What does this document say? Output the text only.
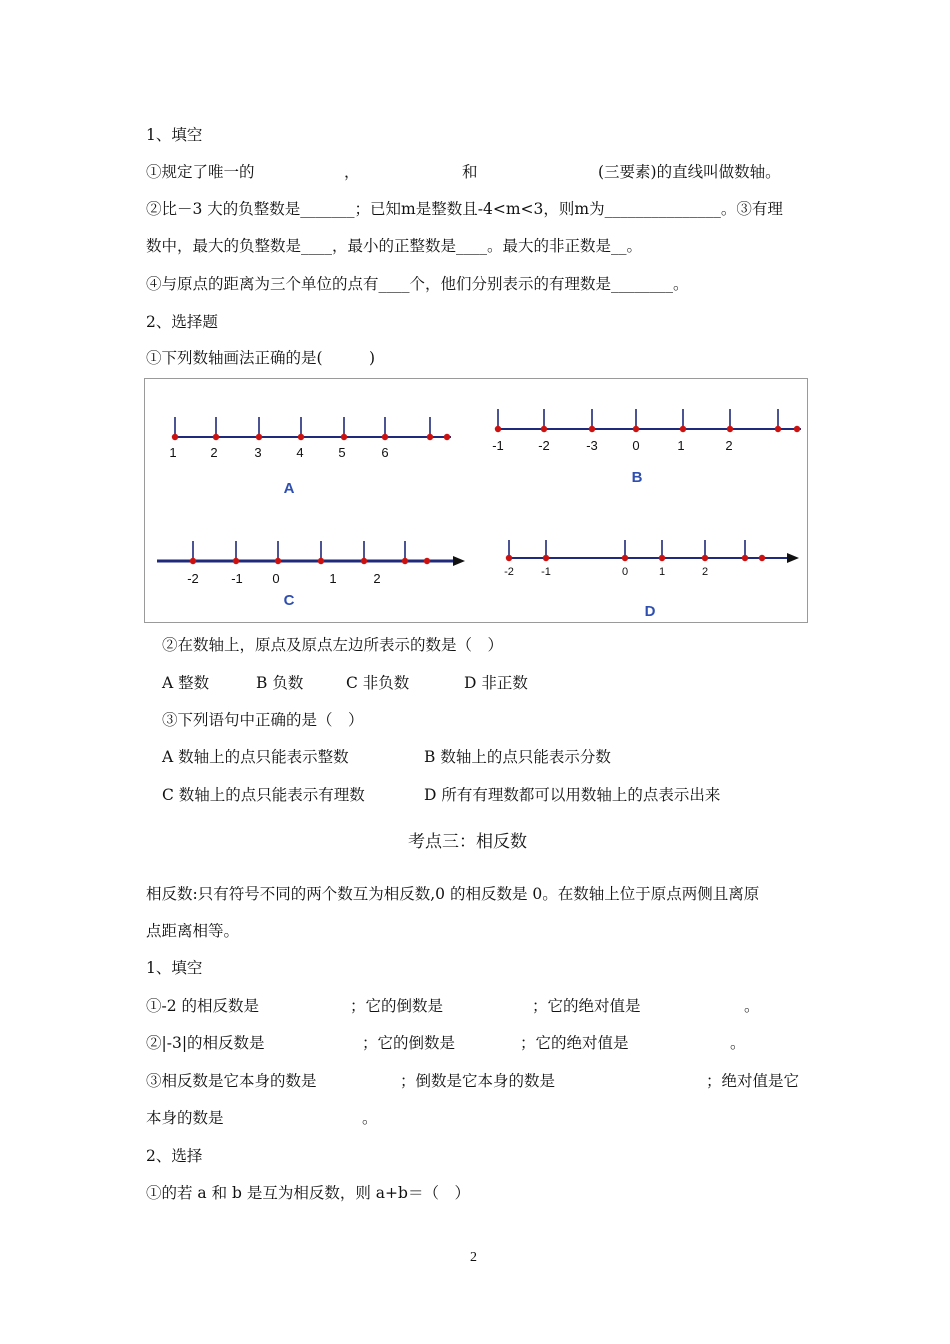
1、填空
①规定了唯一的	，	和	(三要素)的直线叫做数轴。
②比－3 大的负整数是_______；已知m是整数且-4<m<3，则m为_______________。③有理
数中，最大的负整数是____，最小的正整数是____。最大的非正数是__。
④与原点的距离为三个单位的点有____个，他们分别表示的有理数是________。
2、选择题
①下列数轴画法正确的是(　　　)
1	2	3	4	5	6
A
-1	-2	-3	0	1	2
B
-2 -1 0	1	2
C
-2 -1	0	1	2
D
②在数轴上，原点及原点左边所表示的数是（　）
A 整数	B 负数	C 非负数	D 非正数
③下列语句中正确的是（　）
A 数轴上的点只能表示整数	B 数轴上的点只能表示分数
C 数轴上的点只能表示有理数	D 所有有理数都可以用数轴上的点表示出来
考点三：相反数
相反数:只有符号不同的两个数互为相反数,0 的相反数是 0。在数轴上位于原点两侧且离原
点距离相等。
1、填空
①-2 的相反数是	；它的倒数是	；它的绝对值是	。
②|-3|的相反数是	；它的倒数是	；它的绝对值是	。
③相反数是它本身的数是	；倒数是它本身的数是	；绝对值是它
本身的数是	。
2、选择
①的若 a 和 b 是互为相反数，则 a+b＝（　）
2
